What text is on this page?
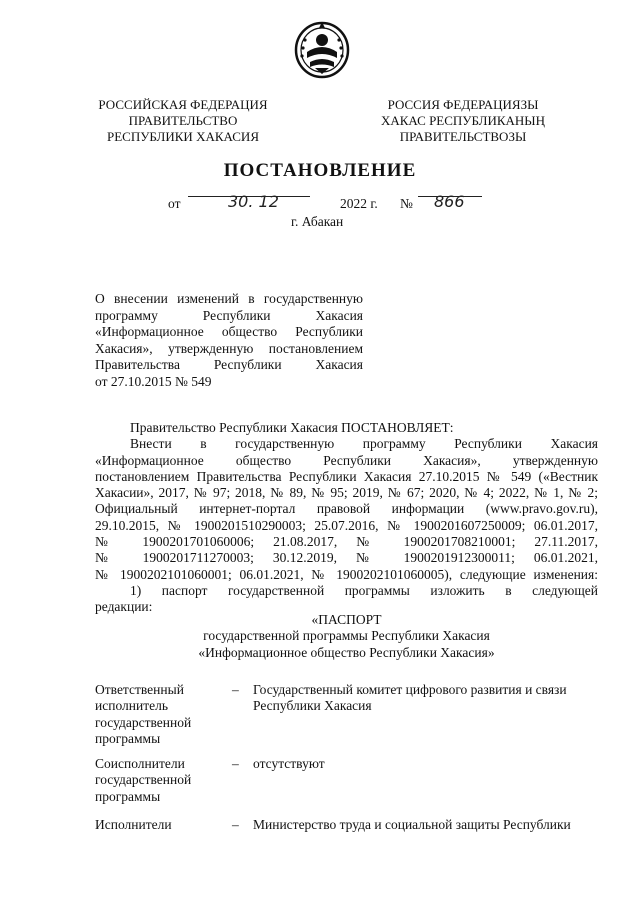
РОССИЙСКАЯ ФЕДЕРАЦИЯ
ПРАВИТЕЛЬСТВО
РЕСПУБЛИКИ ХАКАСИЯ
РОССИЯ ФЕДЕРАЦИЯЗЫ
ХАКАС РЕСПУБЛИКАНЫҢ
ПРАВИТЕЛЬСТВОЗЫ
ПОСТАНОВЛЕНИЕ
от	30. 12	2022 г. № 866
г. Абакан
О внесении изменений в государственную
программу Республики Хакасия
«Информационное общество Республики
Хакасия», утвержденную постановлением
Правительства Республики Хакасия
от 27.10.2015 № 549
Правительство Республики Хакасия ПОСТАНОВЛЯЕТ:
Внести в государственную программу Республики Хакасия
«Информационное общество Республики Хакасия», утвержденную
постановлением Правительства Республики Хакасия 27.10.2015 № 549 («Вестник
Хакасии», 2017, № 97; 2018, № 89, № 95; 2019, № 67; 2020, № 4; 2022, № 1, № 2;
Официальный интернет-портал правовой информации (www.pravo.gov.ru),
29.10.2015, № 1900201510290003; 25.07.2016, № 1900201607250009; 06.01.2017,
№ 1900201701060006; 21.08.2017, № 1900201708210001; 27.11.2017,
№ 1900201711270003; 30.12.2019, № 1900201912300011; 06.01.2021,
№ 1900202101060001; 06.01.2021, № 1900202101060005), следующие изменения:
1) паспорт государственной программы изложить в следующей
редакции:
«ПАСПОРТ
государственной программы Республики Хакасия
«Информационное общество Республики Хакасия»
Ответственный
исполнитель
государственной
программы
–	Государственный комитет цифрового развития и связи Республики Хакасия
Соисполнители
государственной
программы
–	отсутствуют
Исполнители	–	Министерство труда и социальной защиты Республики
